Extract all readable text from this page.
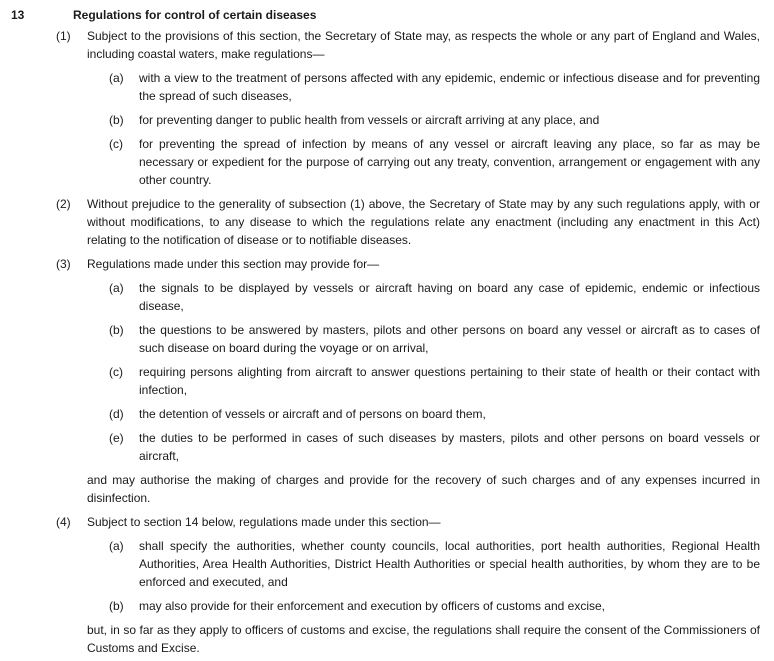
13	Regulations for control of certain diseases
(1) Subject to the provisions of this section, the Secretary of State may, as respects the whole or any part of England and Wales, including coastal waters, make regulations—
(a) with a view to the treatment of persons affected with any epidemic, endemic or infectious disease and for preventing the spread of such diseases,
(b) for preventing danger to public health from vessels or aircraft arriving at any place, and
(c) for preventing the spread of infection by means of any vessel or aircraft leaving any place, so far as may be necessary or expedient for the purpose of carrying out any treaty, convention, arrangement or engagement with any other country.
(2) Without prejudice to the generality of subsection (1) above, the Secretary of State may by any such regulations apply, with or without modifications, to any disease to which the regulations relate any enactment (including any enactment in this Act) relating to the notification of disease or to notifiable diseases.
(3) Regulations made under this section may provide for—
(a) the signals to be displayed by vessels or aircraft having on board any case of epidemic, endemic or infectious disease,
(b) the questions to be answered by masters, pilots and other persons on board any vessel or aircraft as to cases of such disease on board during the voyage or on arrival,
(c) requiring persons alighting from aircraft to answer questions pertaining to their state of health or their contact with infection,
(d) the detention of vessels or aircraft and of persons on board them,
(e) the duties to be performed in cases of such diseases by masters, pilots and other persons on board vessels or aircraft,
and may authorise the making of charges and provide for the recovery of such charges and of any expenses incurred in disinfection.
(4) Subject to section 14 below, regulations made under this section—
(a) shall specify the authorities, whether county councils, local authorities, port health authorities, Regional Health Authorities, Area Health Authorities, District Health Authorities or special health authorities, by whom they are to be enforced and executed, and
(b) may also provide for their enforcement and execution by officers of customs and excise,
but, in so far as they apply to officers of customs and excise, the regulations shall require the consent of the Commissioners of Customs and Excise.
